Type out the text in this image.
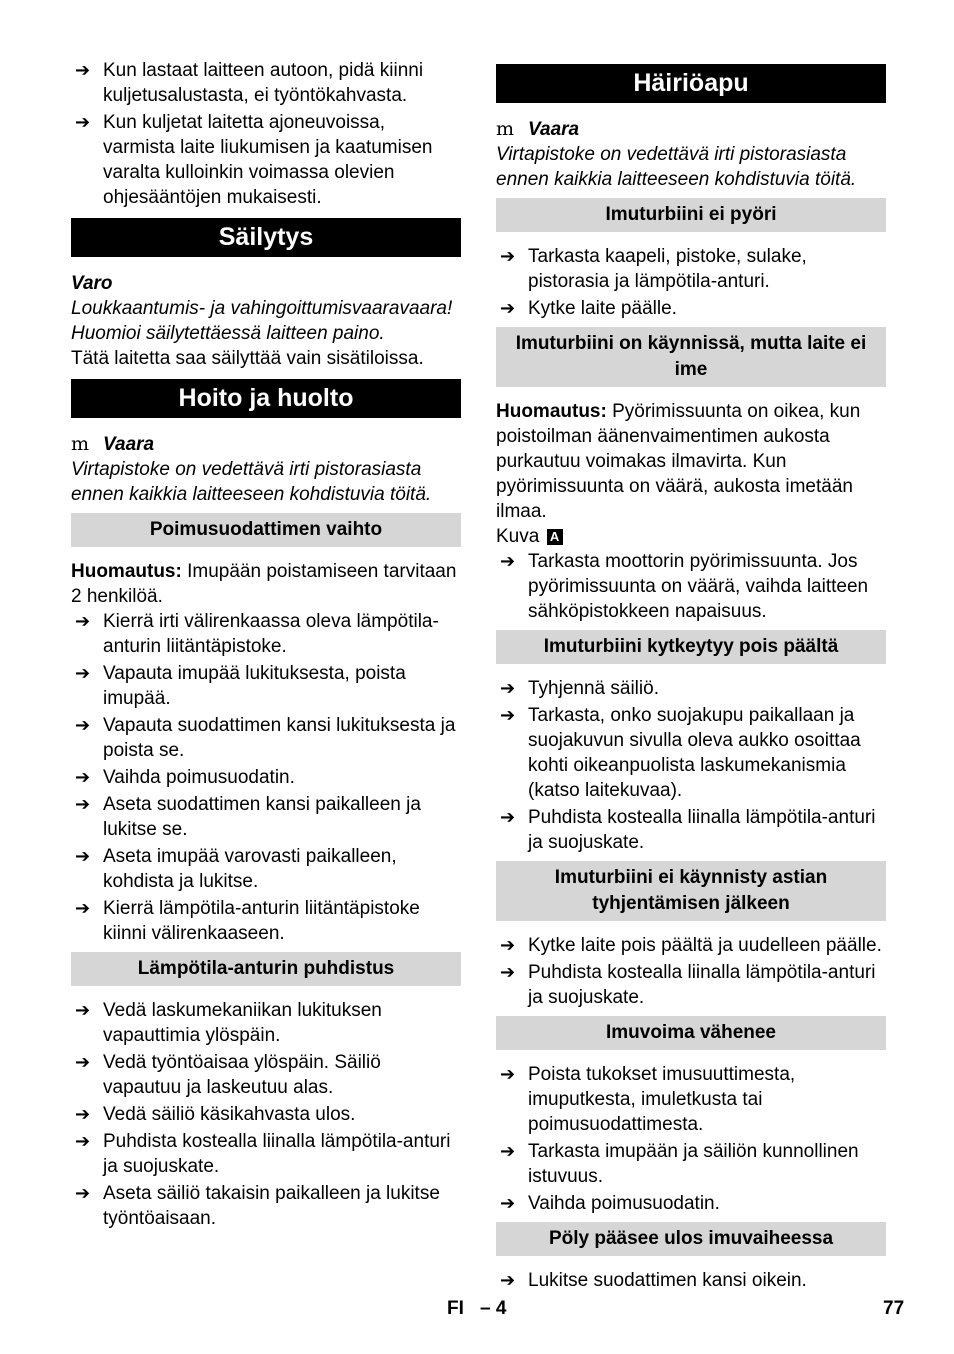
➔ Kun lastaat laitteen autoon, pidä kiinni kuljetusalustasta, ei työntökahvasta.
➔ Kun kuljetat laitetta ajoneuvoissa, varmista laite liukumisen ja kaatumisen varalta kulloinkin voimassa olevien ohjesääntöjen mukaisesti.
Säilytys
Varo
Loukkaantumis- ja vahingoittumisvaaravaara! Huomioi säilytettäessä laitteen paino.
Tätä laitetta saa säilyttää vain sisätiloissa.
Hoito ja huolto
m Vaara
Virtapistoke on vedettävä irti pistorasiasta ennen kaikkia laitteeseen kohdistuvia töitä.
Poimusuodattimen vaihto
Huomautus: Imupään poistamiseen tarvitaan 2 henkilöä.
➔ Kierrä irti välirenkaassa oleva lämpötila-anturin liitäntäpistoke.
➔ Vapauta imupää lukituksesta, poista imupää.
➔ Vapauta suodattimen kansi lukituksesta ja poista se.
➔ Vaihda poimusuodatin.
➔ Aseta suodattimen kansi paikalleen ja lukitse se.
➔ Aseta imupää varovasti paikalleen, kohdista ja lukitse.
➔ Kierrä lämpötila-anturin liitäntäpistoke kiinni välirenkaaseen.
Lämpötila-anturin puhdistus
➔ Vedä laskumekaniikan lukituksen vapauttimia ylöspäin.
➔ Vedä työntöaisaa ylöspäin. Säiliö vapautuu ja laskeutuu alas.
➔ Vedä säiliö käsikahvasta ulos.
➔ Puhdista kostealla liinalla lämpötila-anturi ja suojuskate.
➔ Aseta säiliö takaisin paikalleen ja lukitse työntöaisaan.
Häiriöapu
m Vaara
Virtapistoke on vedettävä irti pistorasiasta ennen kaikkia laitteeseen kohdistuvia töitä.
Imuturbiini ei pyöri
➔ Tarkasta kaapeli, pistoke, sulake, pistorasia ja lämpötila-anturi.
➔ Kytke laite päälle.
Imuturbiini on käynnissä, mutta laite ei ime
Huomautus: Pyörimissuunta on oikea, kun poistoilman äänenvaimentimen aukosta purkautuu voimakas ilmavirta. Kun pyörimissuunta on väärä, aukosta imetään ilmaa.
Kuva A
➔ Tarkasta moottorin pyörimissuunta. Jos pyörimissuunta on väärä, vaihda laitteen sähköpistokkeen napaisuus.
Imuturbiini kytkeytyy pois päältä
➔ Tyhjennä säiliö.
➔ Tarkasta, onko suojakupu paikallaan ja suojakuvun sivulla oleva aukko osoittaa kohti oikeanpuolista laskumekanismia (katso laitekuvaa).
➔ Puhdista kostealla liinalla lämpötila-anturi ja suojuskate.
Imuturbiini ei käynnisty astian tyhjentämisen jälkeen
➔ Kytke laite pois päältä ja uudelleen päälle.
➔ Puhdista kostealla liinalla lämpötila-anturi ja suojuskate.
Imuvoima vähenee
➔ Poista tukokset imusuuttimesta, imuputkesta, imuletkusta tai poimusuodattimesta.
➔ Tarkasta imupään ja säiliön kunnollinen istuvuus.
➔ Vaihda poimusuodatin.
Pöly pääsee ulos imuvaiheessa
➔ Lukitse suodattimen kansi oikein.
FI – 4	77
